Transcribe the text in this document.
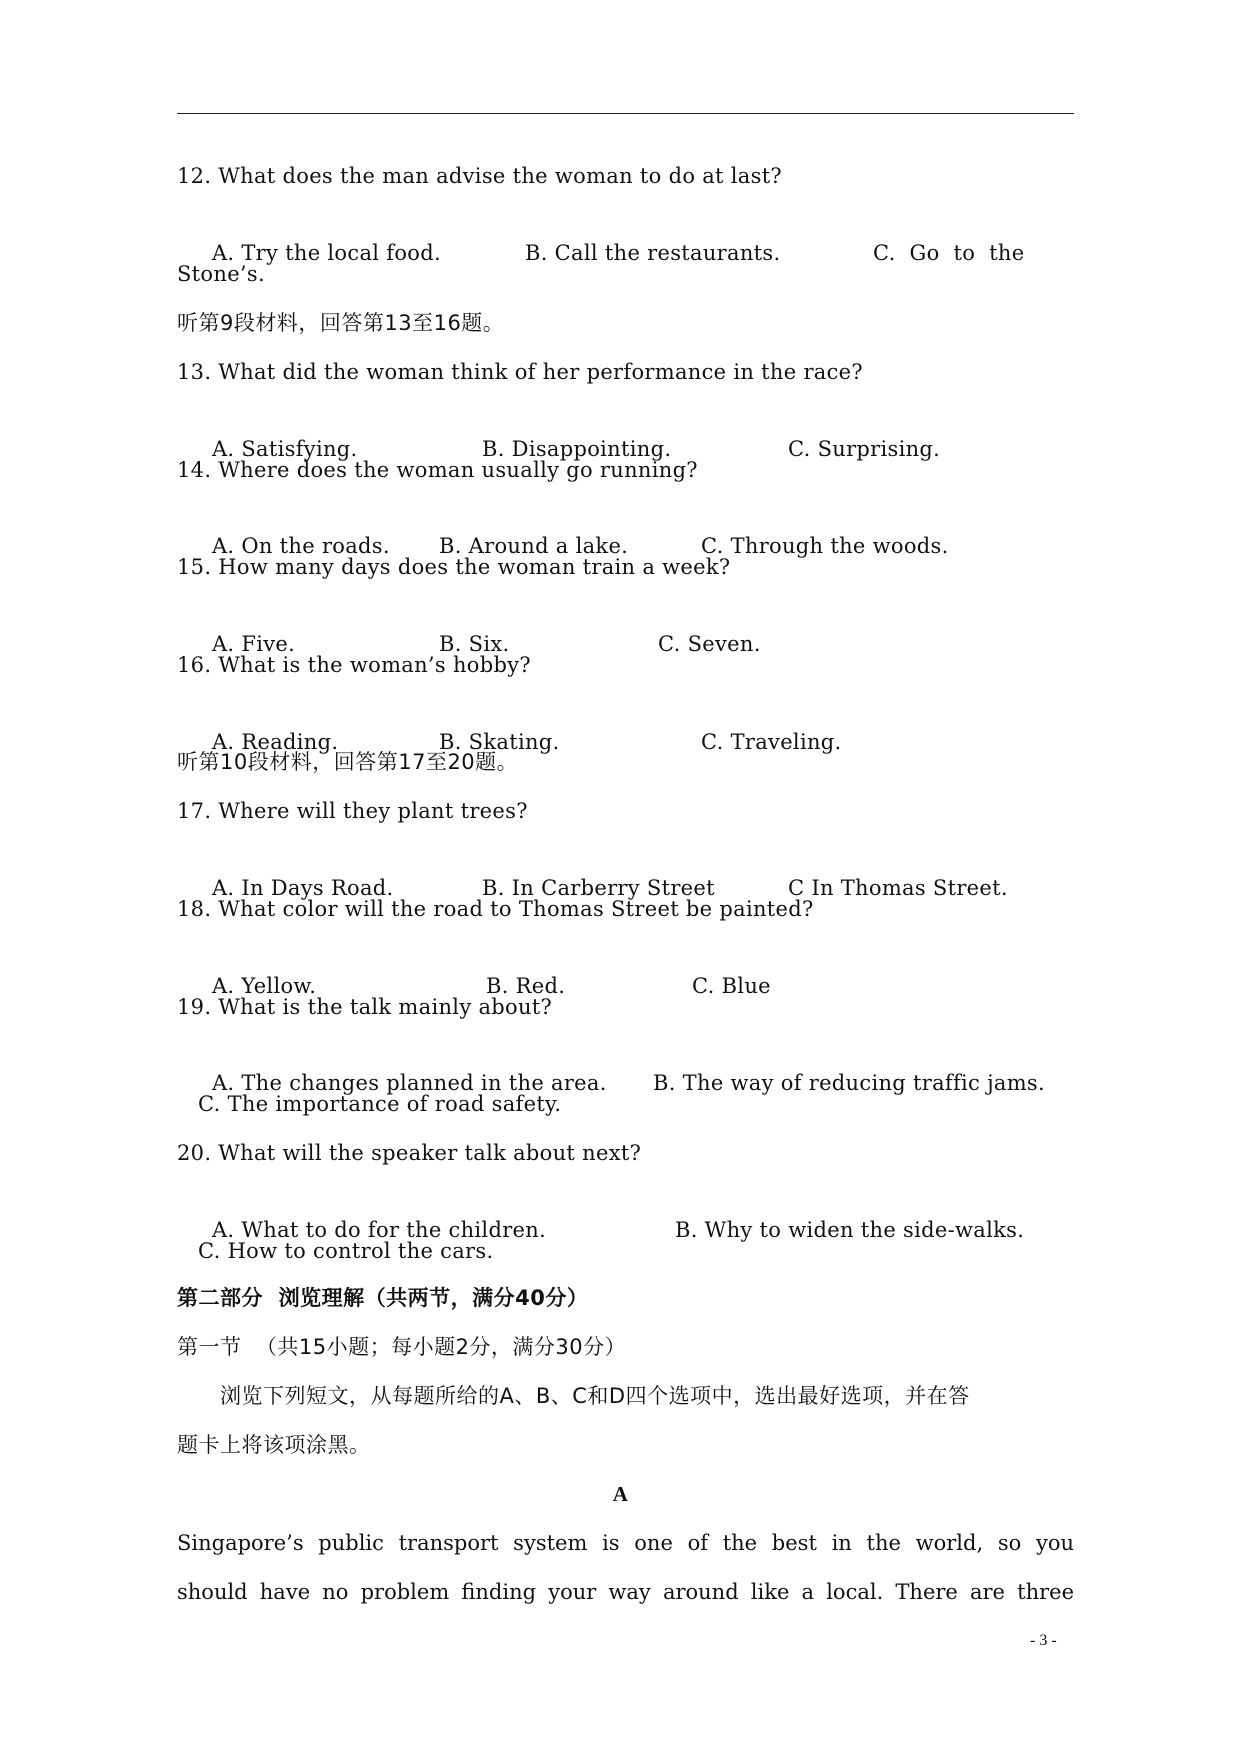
12. What does the man advise the woman to do at last?

A. Try the local food.	B. Call the restaurants.	C.  Go  to  the

Stone’s.
听第9段材料，回答第13至16题。
13. What did the woman think of her performance in the race?

A. Satisfying.	B. Disappointing.	C. Surprising.

14. Where does the woman usually go running?

A. On the roads. B. Around a lake.	C. Through the woods.

15. How many days does the woman train a week?

A. Five.	B. Six.	C. Seven.

16. What is the woman’s hobby?

A. Reading.	B. Skating.	C. Traveling.

听第10段材料，回答第17至20题。
17. Where will they plant trees?

A. In Days Road.	B. In Carberry Street	C In Thomas Street.

18. What color will the road to Thomas Street be painted?

A. Yellow.	B. Red.	C. Blue

19. What is the talk mainly about?

A. The changes planned in the area. B. The way of reducing traffic jams.

C. The importance of road safety.
20. What will the speaker talk about next?

A. What to do for the children.	B. Why to widen the side-walks.

C. How to control the cars.
第二部分  浏览理解（共两节，满分40分）
第一节  （共15小题；每小题2分，满分30分）
浏览下列短文，从每题所给的A、B、C和D四个选项中，选出最好选项，并在答
题卡上将该项涂黑。
A
Singapore’s public transport system is one of the best in the world, so you
should have no problem finding your way around like a local. There are three
- 3 -
